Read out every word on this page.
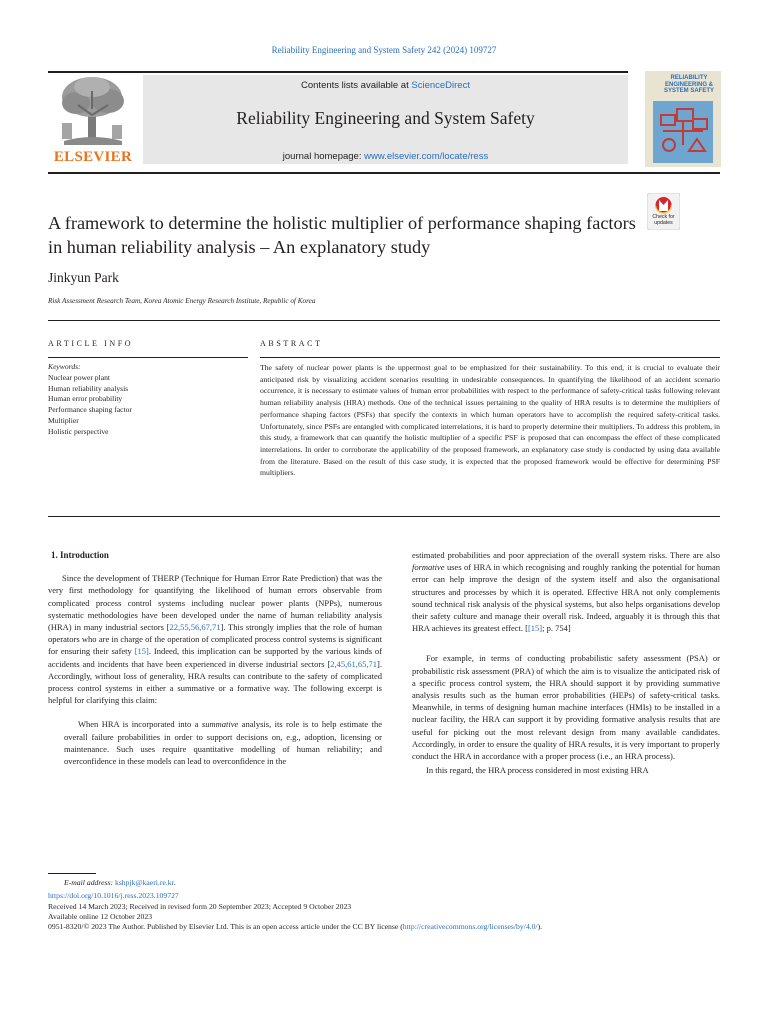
Reliability Engineering and System Safety 242 (2024) 109727
ELSEVIER
Contents lists available at ScienceDirect
Reliability Engineering and System Safety
journal homepage: www.elsevier.com/locate/ress
RELIABILITY ENGINEERING & SYSTEM SAFETY
A framework to determine the holistic multiplier of performance shaping factors in human reliability analysis – An explanatory study
Check for updates
Jinkyun Park
Risk Assessment Research Team, Korea Atomic Energy Research Institute, Republic of Korea
ARTICLE INFO	ABSTRACT
Keywords:
Nuclear power plant
Human reliability analysis
Human error probability
Performance shaping factor
Multiplier
Holistic perspective
The safety of nuclear power plants is the uppermost goal to be emphasized for their sustainability. To this end, it is crucial to evaluate their anticipated risk by visualizing accident scenarios resulting in undesirable consequences. In quantifying the likelihood of an accident scenario occurrence, it is necessary to estimate values of human error probabilities with respect to the performance of safety-critical tasks following relevant human reliability analysis (HRA) methods. One of the technical issues pertaining to the quality of HRA results is to determine the multipliers of performance shaping factors (PSFs) that specify the contexts in which human operators have to accomplish the required safety-critical tasks. Unfortunately, since PSFs are entangled with complicated interrelations, it is hard to properly determine their multipliers. To address this problem, in this study, a framework that can quantify the holistic multiplier of a specific PSF is proposed that can encompass the effect of these complicated interrelations. In order to corroborate the applicability of the proposed framework, an explanatory case study is conducted by using data available from the literature. Based on the result of this case study, it is expected that the proposed framework would be effective for determining PSF multipliers.
1. Introduction

Since the development of THERP (Technique for Human Error Rate Prediction) that was the very first methodology for quantifying the likelihood of human errors observable from complicated process control systems including nuclear power plants (NPPs), numerous systematic methodologies have been developed under the name of human reliability analysis (HRA) in many industrial sectors [22,55,56,67,71]. This strongly implies that the role of human operators who are in charge of the operation of complicated process control systems is significant for ensuring their safety [15]. Indeed, this implication can be supported by the various kinds of accidents and incidents that have been experienced in diverse industrial sectors [2,45,61,65,71]. Accordingly, without loss of generality, HRA results can contribute to the safety of complicated process control systems in either a summative or a formative way. The following excerpt is helpful for clarifying this claim:

When HRA is incorporated into a summative analysis, its role is to help estimate the overall failure probabilities in order to support decisions on, e.g., adoption, licensing or maintenance. Such uses require quantitative modelling of human reliability; and overconfidence in these models can lead to overconfidence in the

estimated probabilities and poor appreciation of the overall system risks. There are also formative uses of HRA in which recognising and roughly ranking the potential for human error can help improve the design of the system itself and also the organisational structures and processes by which it is operated. Effective HRA not only complements sound technical risk analysis of the physical systems, but also helps organisations develop their safety culture and manage their overall risk. Indeed, arguably it is through this that HRA achieves its greatest effect. [[15]; p. 754]

For example, in terms of conducting probabilistic safety assessment (PSA) or probabilistic risk assessment (PRA) of which the aim is to visualize the anticipated risk of a specific process control system, the HRA should support it by providing summative analysis results such as the human error probabilities (HEPs) of safety-critical tasks. Meanwhile, in terms of designing human machine interfaces (HMIs) to be installed in a nuclear facility, the HRA can support it by providing formative analysis results that are useful for picking out the most relevant design from many available candidates. Accordingly, in order to ensure the quality of HRA results, it is very important to properly conduct the HRA in accordance with a proper process (i.e., an HRA process).

In this regard, the HRA process considered in most existing HRA

E-mail address: kshpjk@kaeri.re.kr.

https://doi.org/10.1016/j.ress.2023.109727

Received 14 March 2023; Received in revised form 20 September 2023; Accepted 9 October 2023

Available online 12 October 2023

0951-8320/© 2023 The Author. Published by Elsevier Ltd. This is an open access article under the CC BY license (http://creativecommons.org/licenses/by/4.0/).
